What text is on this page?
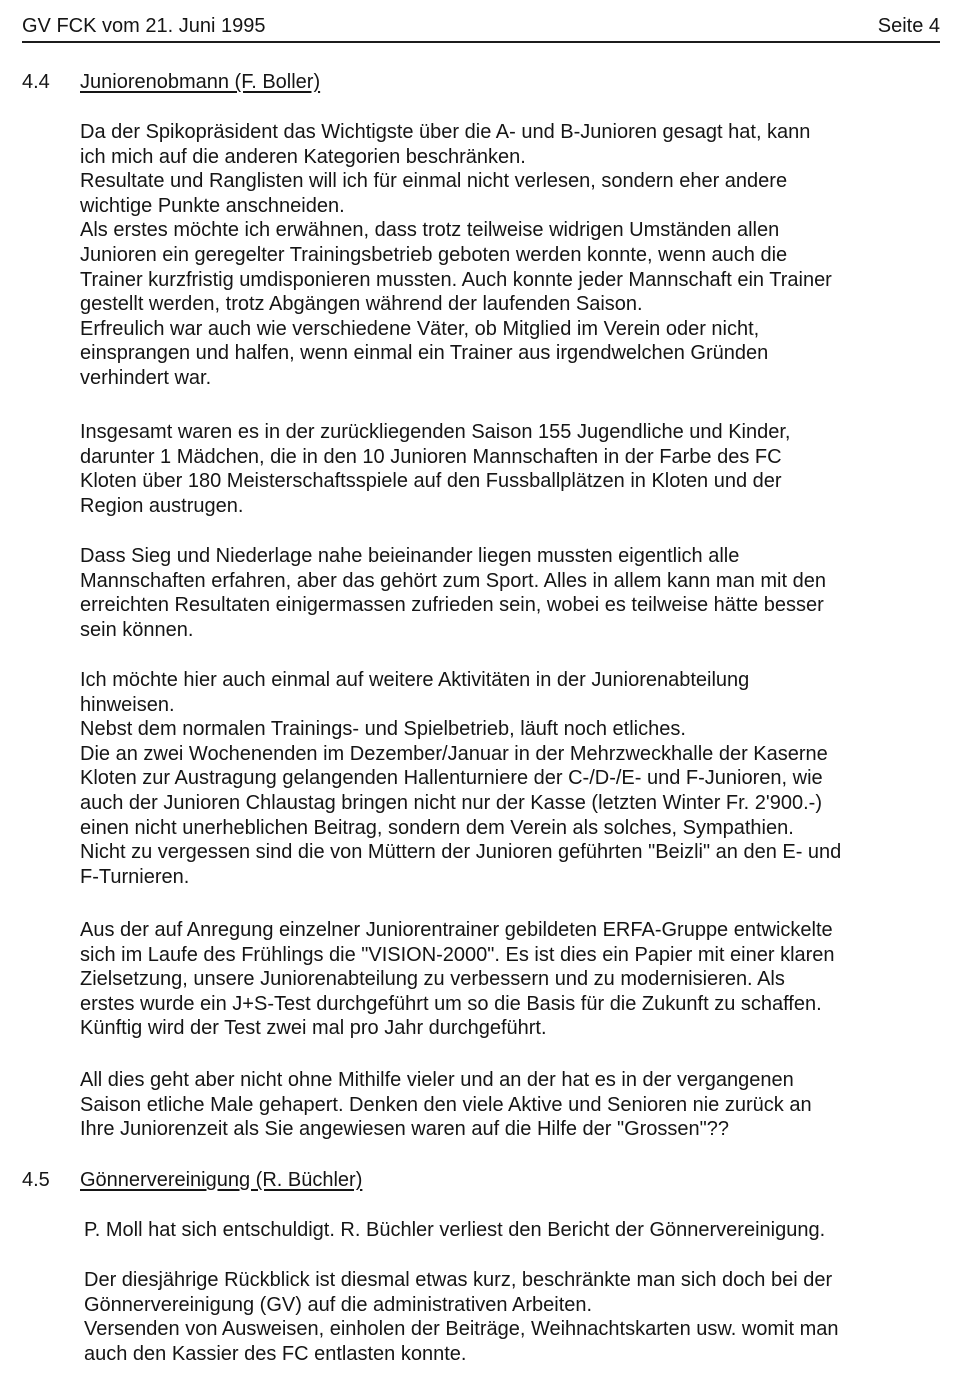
GV FCK vom 21. Juni 1995	Seite 4
4.4 Juniorenobmann (F. Boller)
Da der Spikopräsident das Wichtigste über die A- und B-Junioren gesagt hat, kann
ich mich auf die anderen Kategorien beschränken.
Resultate und Ranglisten will ich für einmal nicht verlesen, sondern eher andere
wichtige Punkte anschneiden.
Als erstes möchte ich erwähnen, dass trotz teilweise widrigen Umständen allen
Junioren ein geregelter Trainingsbetrieb geboten werden konnte, wenn auch die
Trainer kurzfristig umdisponieren mussten. Auch konnte jeder Mannschaft ein Trainer
gestellt werden, trotz Abgängen während der laufenden Saison.
Erfreulich war auch wie verschiedene Väter, ob Mitglied im Verein oder nicht,
einsprangen und halfen, wenn einmal ein Trainer aus irgendwelchen Gründen
verhindert war.
Insgesamt waren es in der zurückliegenden Saison 155 Jugendliche und Kinder,
darunter 1 Mädchen, die in den 10 Junioren Mannschaften in der Farbe des FC
Kloten über 180 Meisterschaftsspiele auf den Fussballplätzen in Kloten und der
Region austrugen.
Dass Sieg und Niederlage nahe beieinander liegen mussten eigentlich alle
Mannschaften erfahren, aber das gehört zum Sport. Alles in allem kann man mit den
erreichten Resultaten einigermassen zufrieden sein, wobei es teilweise hätte besser
sein können.
Ich möchte hier auch einmal auf weitere Aktivitäten in der Juniorenabteilung
hinweisen.
Nebst dem normalen Trainings- und Spielbetrieb, läuft noch etliches.
Die an zwei Wochenenden im Dezember/Januar in der Mehrzweckhalle der Kaserne
Kloten zur Austragung gelangenden Hallenturniere der C-/D-/E- und F-Junioren, wie
auch der Junioren Chlaustag bringen nicht nur der Kasse (letzten Winter Fr. 2'900.-)
einen nicht unerheblichen Beitrag, sondern dem Verein als solches, Sympathien.
Nicht zu vergessen sind die von Müttern der Junioren geführten "Beizli" an den E- und
F-Turnieren.
Aus der auf Anregung einzelner Juniorentrainer gebildeten ERFA-Gruppe entwickelte
sich im Laufe des Frühlings die "VISION-2000". Es ist dies ein Papier mit einer klaren
Zielsetzung, unsere Juniorenabteilung zu verbessern und zu modernisieren. Als
erstes wurde ein J+S-Test durchgeführt um so die Basis für die Zukunft zu schaffen.
Künftig wird der Test zwei mal pro Jahr durchgeführt.
All dies geht aber nicht ohne Mithilfe vieler und an der hat es in der vergangenen
Saison etliche Male gehapert. Denken den viele Aktive und Senioren nie zurück an
Ihre Juniorenzeit als Sie angewiesen waren auf die Hilfe der "Grossen"??
4.5 Gönnervereinigung (R. Büchler)
P. Moll hat sich entschuldigt. R. Büchler verliest den Bericht der Gönnervereinigung.
Der diesjährige Rückblick ist diesmal etwas kurz, beschränkte man sich doch bei der
Gönnervereinigung (GV) auf die administrativen Arbeiten.
Versenden von Ausweisen, einholen der Beiträge, Weihnachtskarten usw. womit man
auch den Kassier des FC entlasten konnte.
